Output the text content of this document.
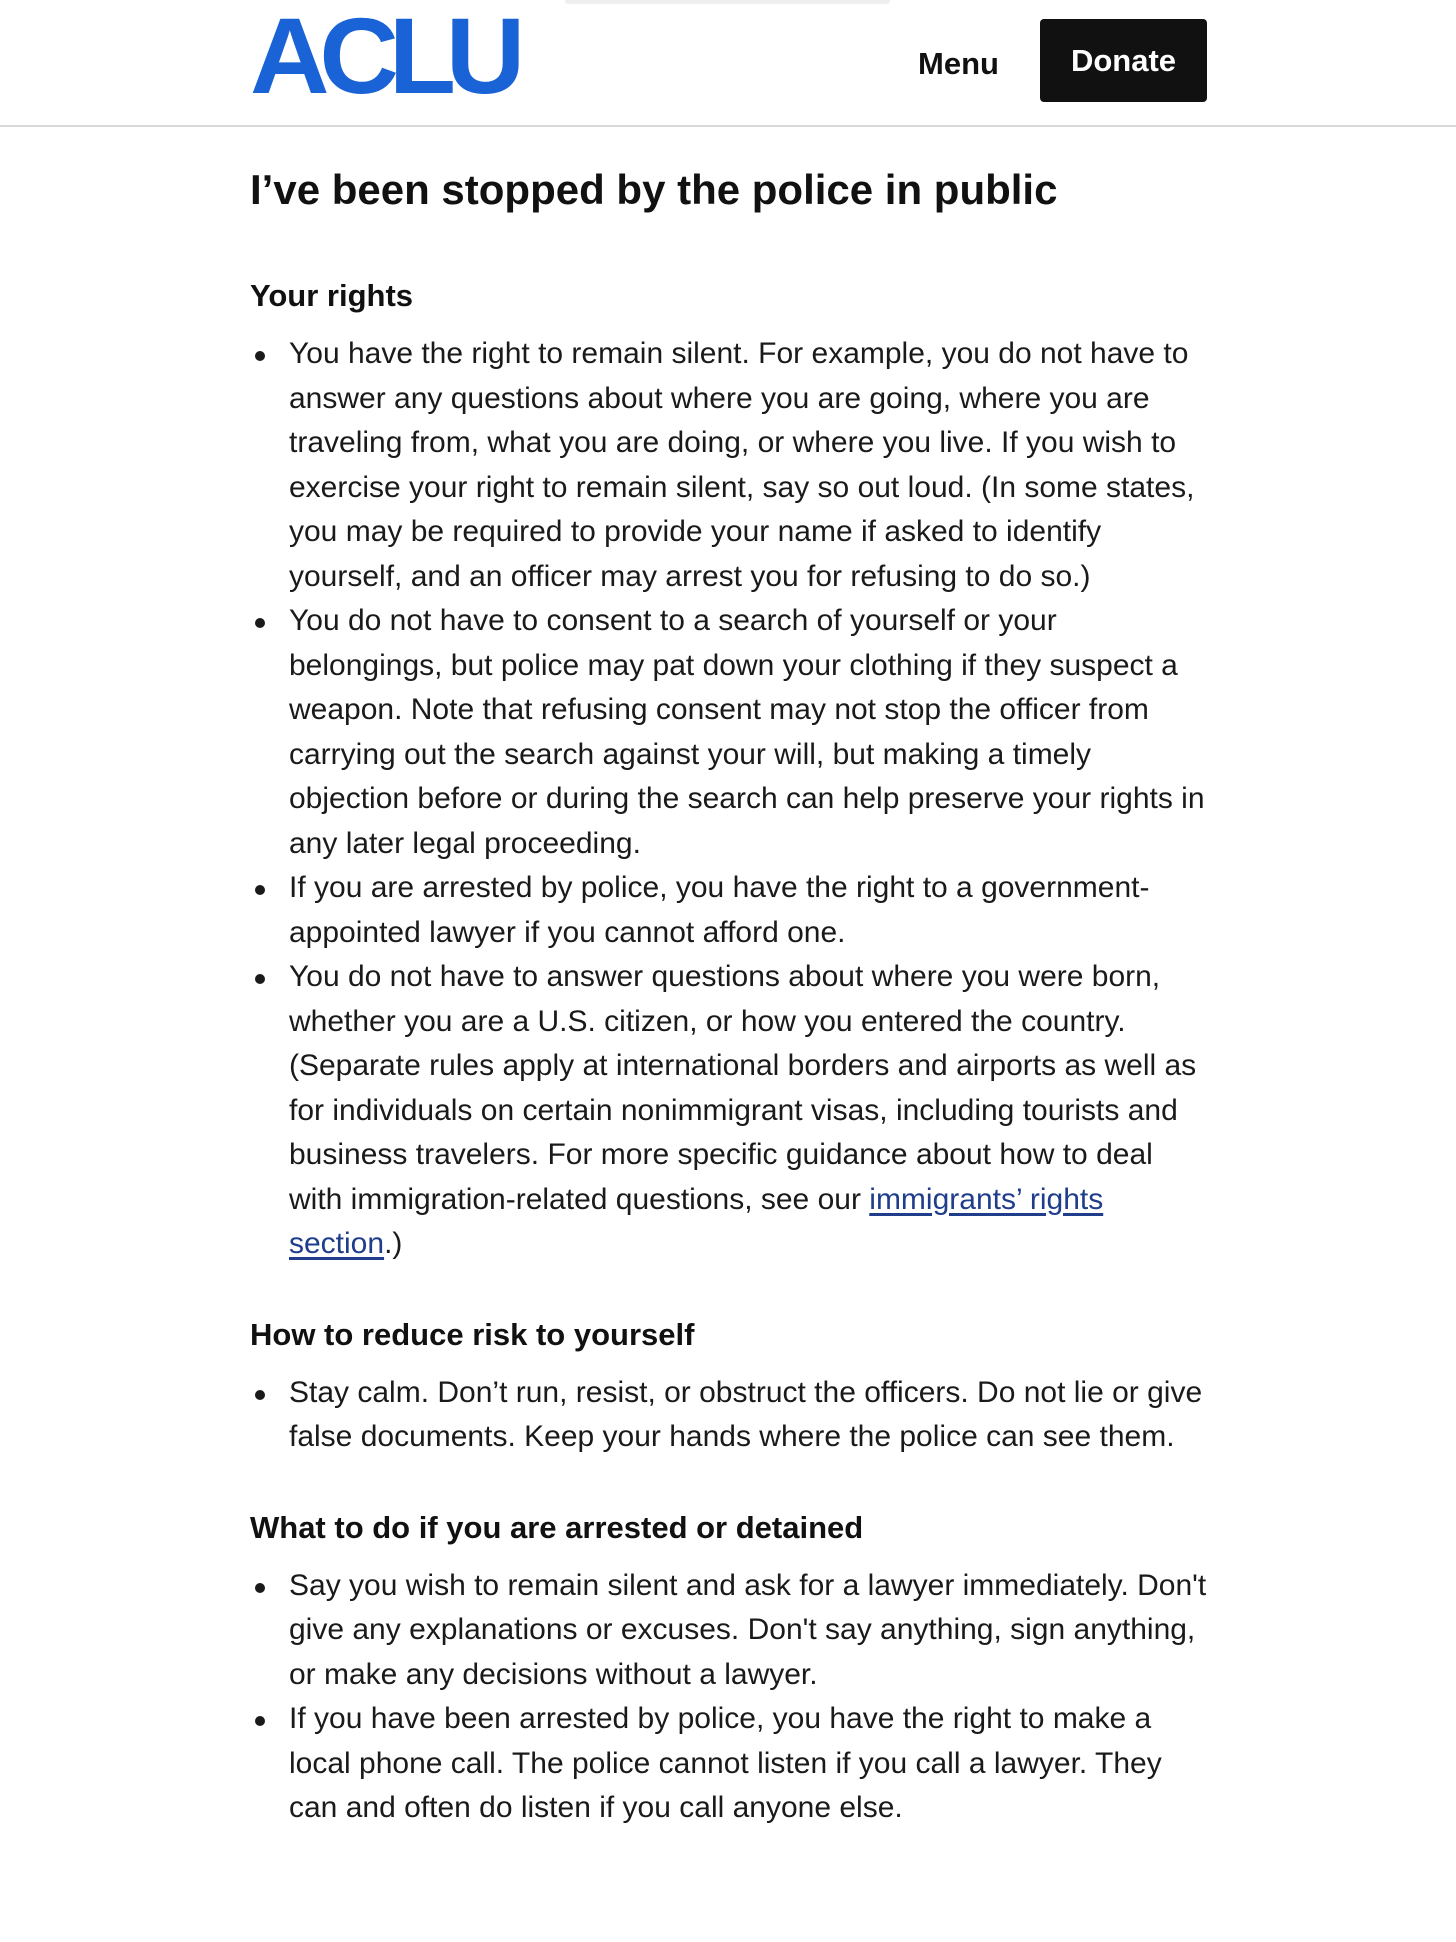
ACLU	Menu	Donate
I’ve been stopped by the police in public
Your rights
You have the right to remain silent. For example, you do not have to answer any questions about where you are going, where you are traveling from, what you are doing, or where you live. If you wish to exercise your right to remain silent, say so out loud. (In some states, you may be required to provide your name if asked to identify yourself, and an officer may arrest you for refusing to do so.)
You do not have to consent to a search of yourself or your belongings, but police may pat down your clothing if they suspect a weapon. Note that refusing consent may not stop the officer from carrying out the search against your will, but making a timely objection before or during the search can help preserve your rights in any later legal proceeding.
If you are arrested by police, you have the right to a government-appointed lawyer if you cannot afford one.
You do not have to answer questions about where you were born, whether you are a U.S. citizen, or how you entered the country. (Separate rules apply at international borders and airports as well as for individuals on certain nonimmigrant visas, including tourists and business travelers. For more specific guidance about how to deal with immigration-related questions, see our immigrants’ rights section.)
How to reduce risk to yourself
Stay calm. Don’t run, resist, or obstruct the officers. Do not lie or give false documents. Keep your hands where the police can see them.
What to do if you are arrested or detained
Say you wish to remain silent and ask for a lawyer immediately. Don't give any explanations or excuses. Don't say anything, sign anything, or make any decisions without a lawyer.
If you have been arrested by police, you have the right to make a local phone call. The police cannot listen if you call a lawyer. They can and often do listen if you call anyone else.
